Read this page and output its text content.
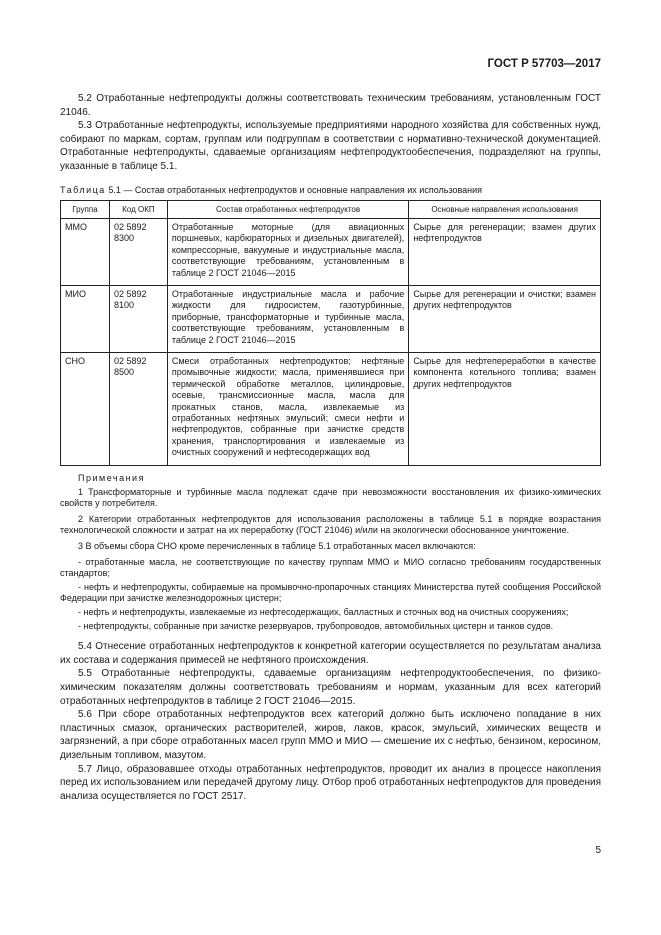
ГОСТ Р 57703—2017

5.2 Отработанные нефтепродукты должны соответствовать техническим требованиям, установленным ГОСТ 21046.

5.3 Отработанные нефтепродукты, используемые предприятиями народного хозяйства для собственных нужд, собирают по маркам, сортам, группам или подгруппам в соответствии с нормативно-технической документацией. Отработанные нефтепродукты, сдаваемые организациям нефтепродуктообеспечения, подразделяют на группы, указанные в таблице 5.1.

Таблица 5.1 — Состав отработанных нефтепродуктов и основные направления их использования
Группа	Код ОКП	Состав отработанных нефтепродуктов	Основные направления использования
ММО	02 5892 8300	Отработанные моторные (для авиационных поршневых, карбюраторных и дизельных двигателей), компрессорные, вакуумные и индустриальные масла, соответствующие требованиям, установленным в таблице 2 ГОСТ 21046—2015	Сырье для регенерации; взамен других нефтепродуктов
МИО	02 5892 8100	Отработанные индустриальные масла и рабочие жидкости для гидросистем, газотурбинные, приборные, трансформаторные и турбинные масла, соответствующие требованиям, установленным в таблице 2 ГОСТ 21046—2015	Сырье для регенерации и очистки; взамен других нефтепродуктов
СНО	02 5892 8500	Смеси отработанных нефтепродуктов; нефтяные промывочные жидкости; масла, применявшиеся при термической обработке металлов, цилиндровые, осевые, трансмиссионные масла, масла для прокатных станов, масла, извлекаемые из отработанных нефтяных эмульсий; смеси нефти и нефтепродуктов, собранные при зачистке средств хранения, транспортирования и извлекаемые из очистных сооружений и нефтесодержащих вод	Сырье для нефтепереработки в качестве компонента котельного топлива; взамен других нефтепродуктов
Примечания
1 Трансформаторные и турбинные масла подлежат сдаче при невозможности восстановления их физико-химических свойств у потребителя.
2 Категории отработанных нефтепродуктов для использования расположены в таблице 5.1 в порядке возрастания технологической сложности и затрат на их переработку (ГОСТ 21046) и/или на экологически обоснованное уничтожение.
3 В объемы сбора СНО кроме перечисленных в таблице 5.1 отработанных масел включаются:
- отработанные масла, не соответствующие по качеству группам ММО и МИО согласно требованиям государственных стандартов;
- нефть и нефтепродукты, собираемые на промывочно-пропарочных станциях Министерства путей сообщения Российской Федерации при зачистке железнодорожных цистерн;
- нефть и нефтепродукты, извлекаемые из нефтесодержащих, балластных и сточных вод на очистных сооружениях;
- нефтепродукты, собранные при зачистке резервуаров, трубопроводов, автомобильных цистерн и танков судов.

5.4 Отнесение отработанных нефтепродуктов к конкретной категории осуществляется по результатам анализа их состава и содержания примесей не нефтяного происхождения.

5.5 Отработанные нефтепродукты, сдаваемые организациям нефтепродуктообеспечения, по физико-химическим показателям должны соответствовать требованиям и нормам, указанным для всех категорий отработанных нефтепродуктов в таблице 2 ГОСТ 21046—2015.

5.6 При сборе отработанных нефтепродуктов всех категорий должно быть исключено попадание в них пластичных смазок, органических растворителей, жиров, лаков, красок, эмульсий, химических веществ и загрязнений, а при сборе отработанных масел групп ММО и МИО — смешение их с нефтью, бензином, керосином, дизельным топливом, мазутом.

5.7 Лицо, образовавшее отходы отработанных нефтепродуктов, проводит их анализ в процессе накопления перед их использованием или передачей другому лицу. Отбор проб отработанных нефтепродуктов для проведения анализа осуществляется по ГОСТ 2517.

5
